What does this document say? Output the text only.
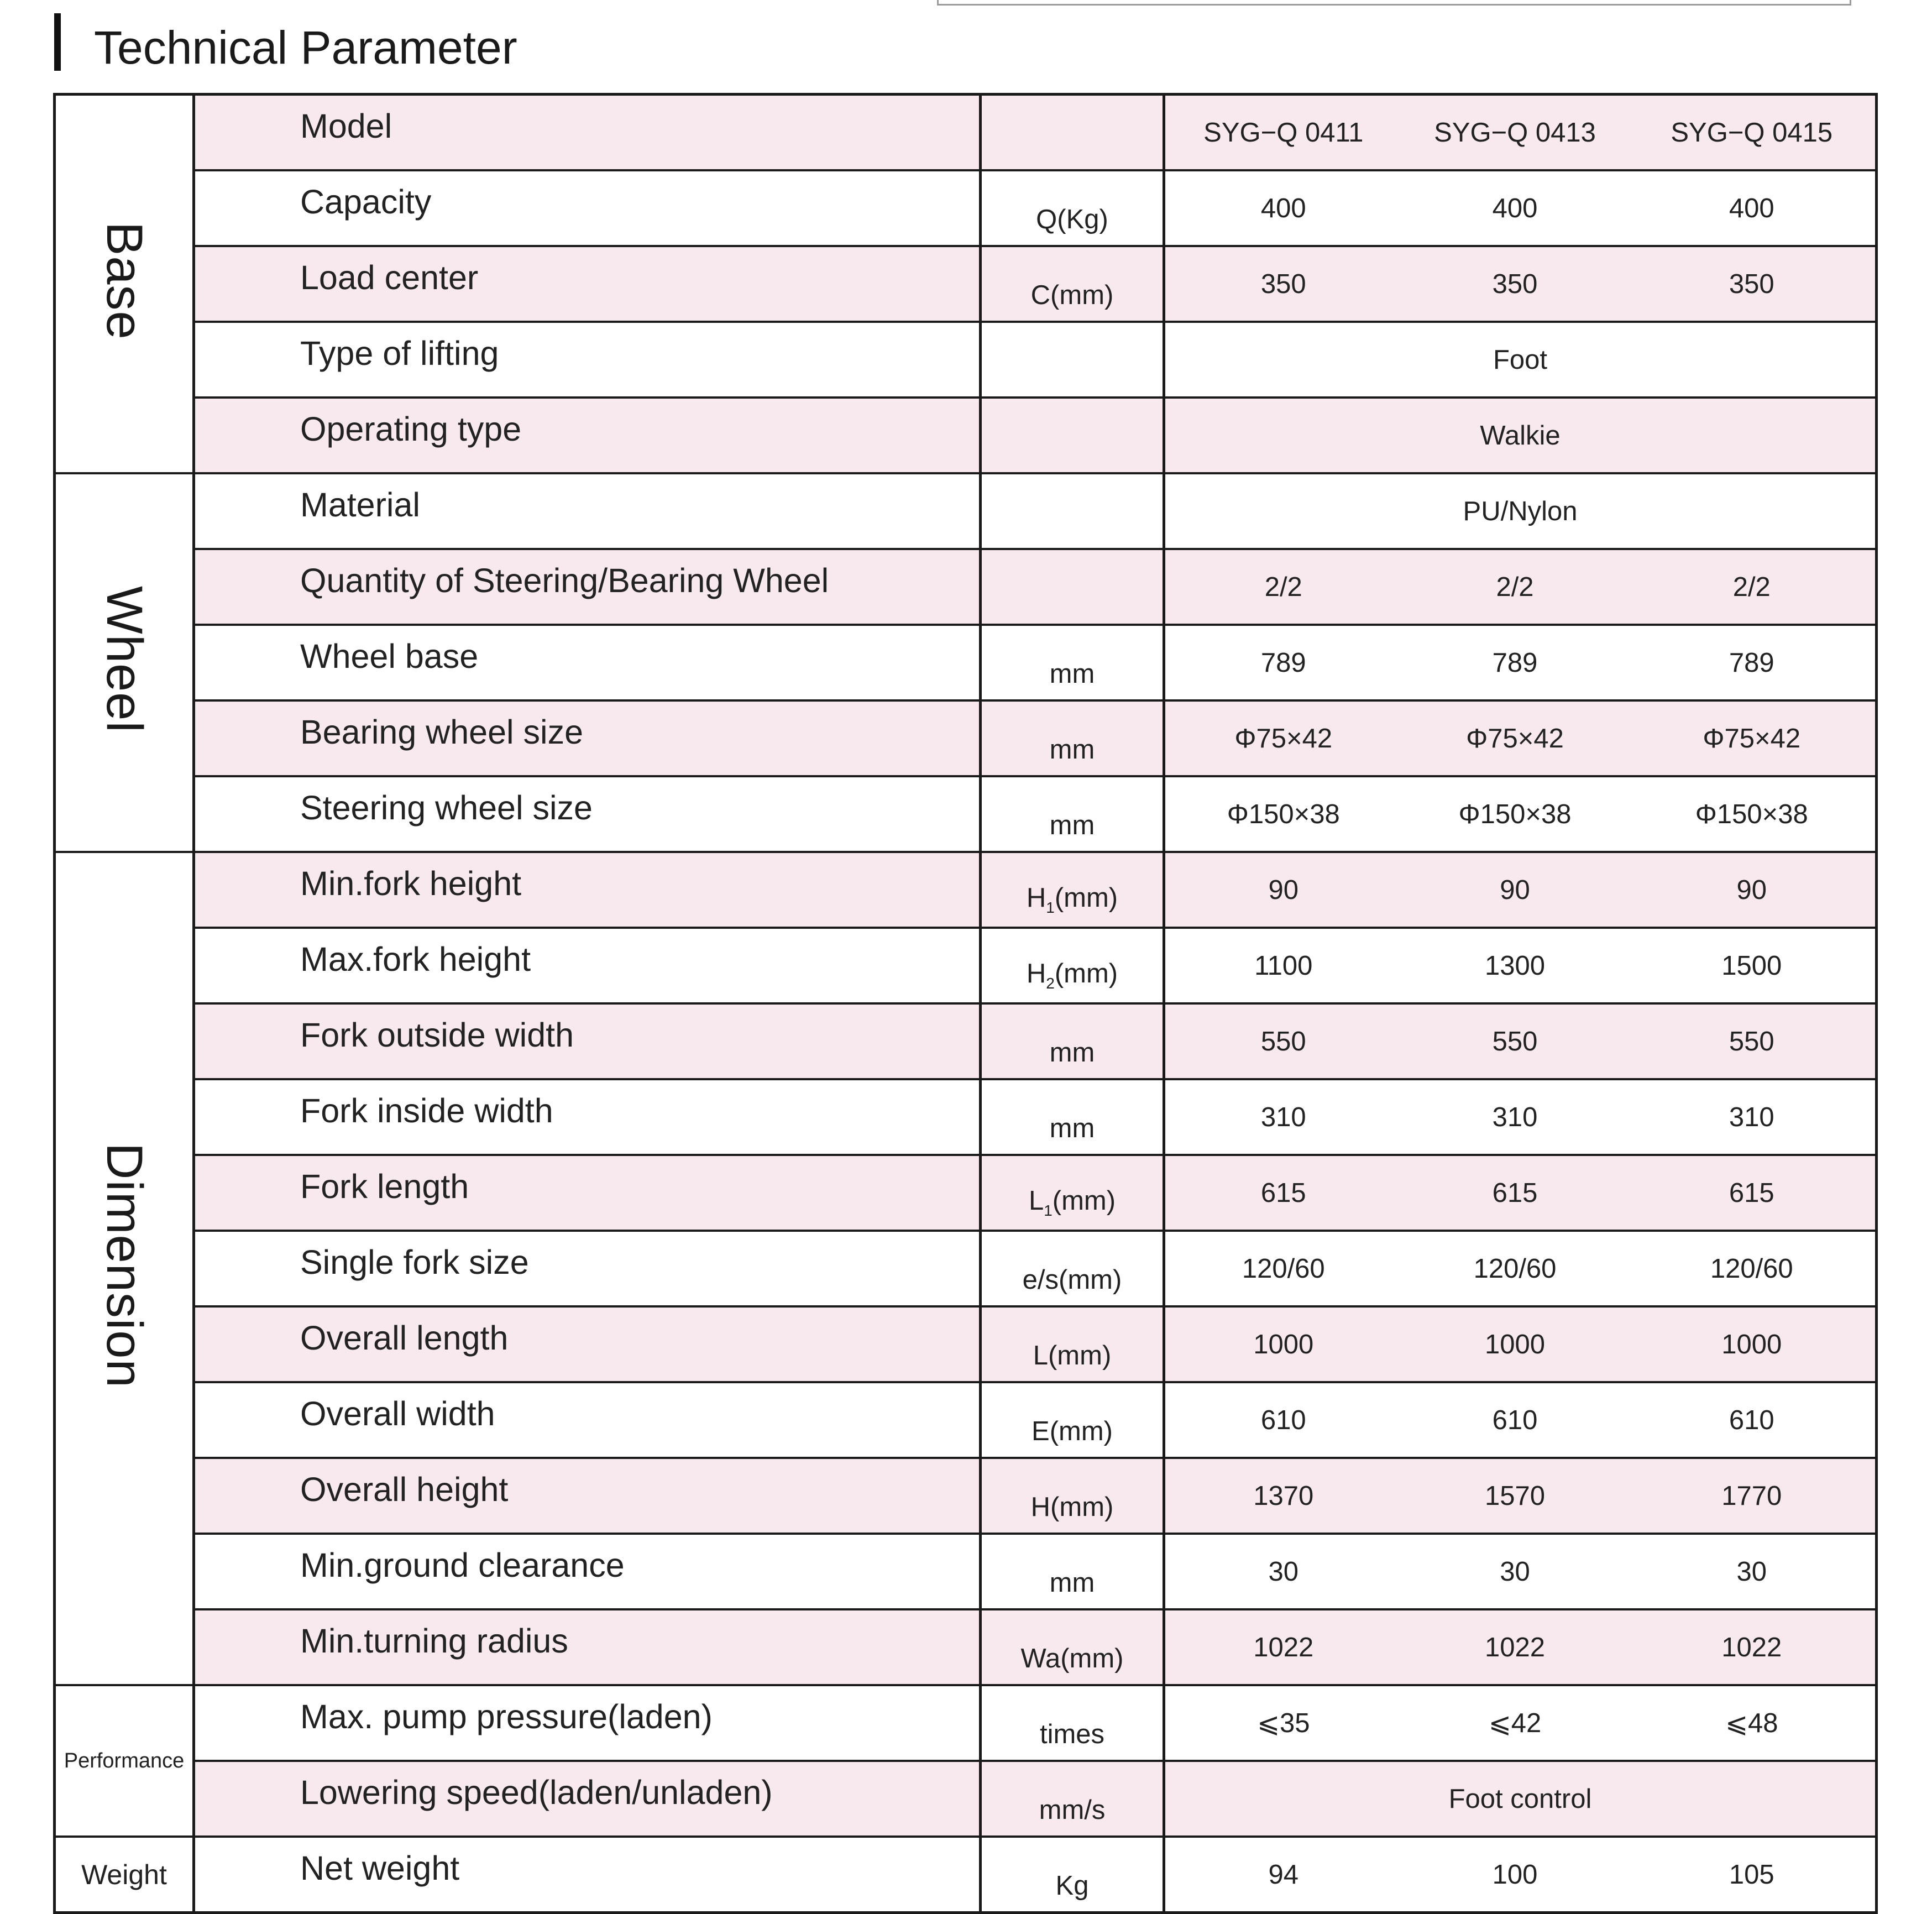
Technical Parameter
Base	Model		SYG−Q 0411	SYG−Q 0413	SYG−Q 0415
	Capacity	Q(Kg)	400	400	400
	Load center	C(mm)	350	350	350
	Type of lifting		Foot		
	Operating type		Walkie		
Wheel	Material		PU/Nylon		
	Quantity of Steering/Bearing Wheel		2/2	2/2	2/2
	Wheel base	mm	789	789	789
	Bearing wheel size	mm	Φ75×42	Φ75×42	Φ75×42
	Steering wheel size	mm	Φ150×38	Φ150×38	Φ150×38
Dimension	Min.fork height	$H_1(mm)$	90	90	90
	Max.fork height	$H_2(mm)$	1100	1300	1500
	Fork outside width	mm	550	550	550
	Fork inside width	mm	310	310	310
	Fork length	$L_1(mm)$	615	615	615
	Single fork size	e/s(mm)	120/60	120/60	120/60
	Overall length	L(mm)	1000	1000	1000
	Overall width	E(mm)	610	610	610
	Overall height	H(mm)	1370	1570	1770
	Min.ground clearance	mm	30	30	30
	Min.turning radius	Wa(mm)	1022	1022	1022
Performance	Max. pump pressure(laden)	times	⩽35	⩽42	⩽48
	Lowering speed(laden/unladen)	mm/s	Foot control		
Weight	Net weight	Kg	94	100	105
